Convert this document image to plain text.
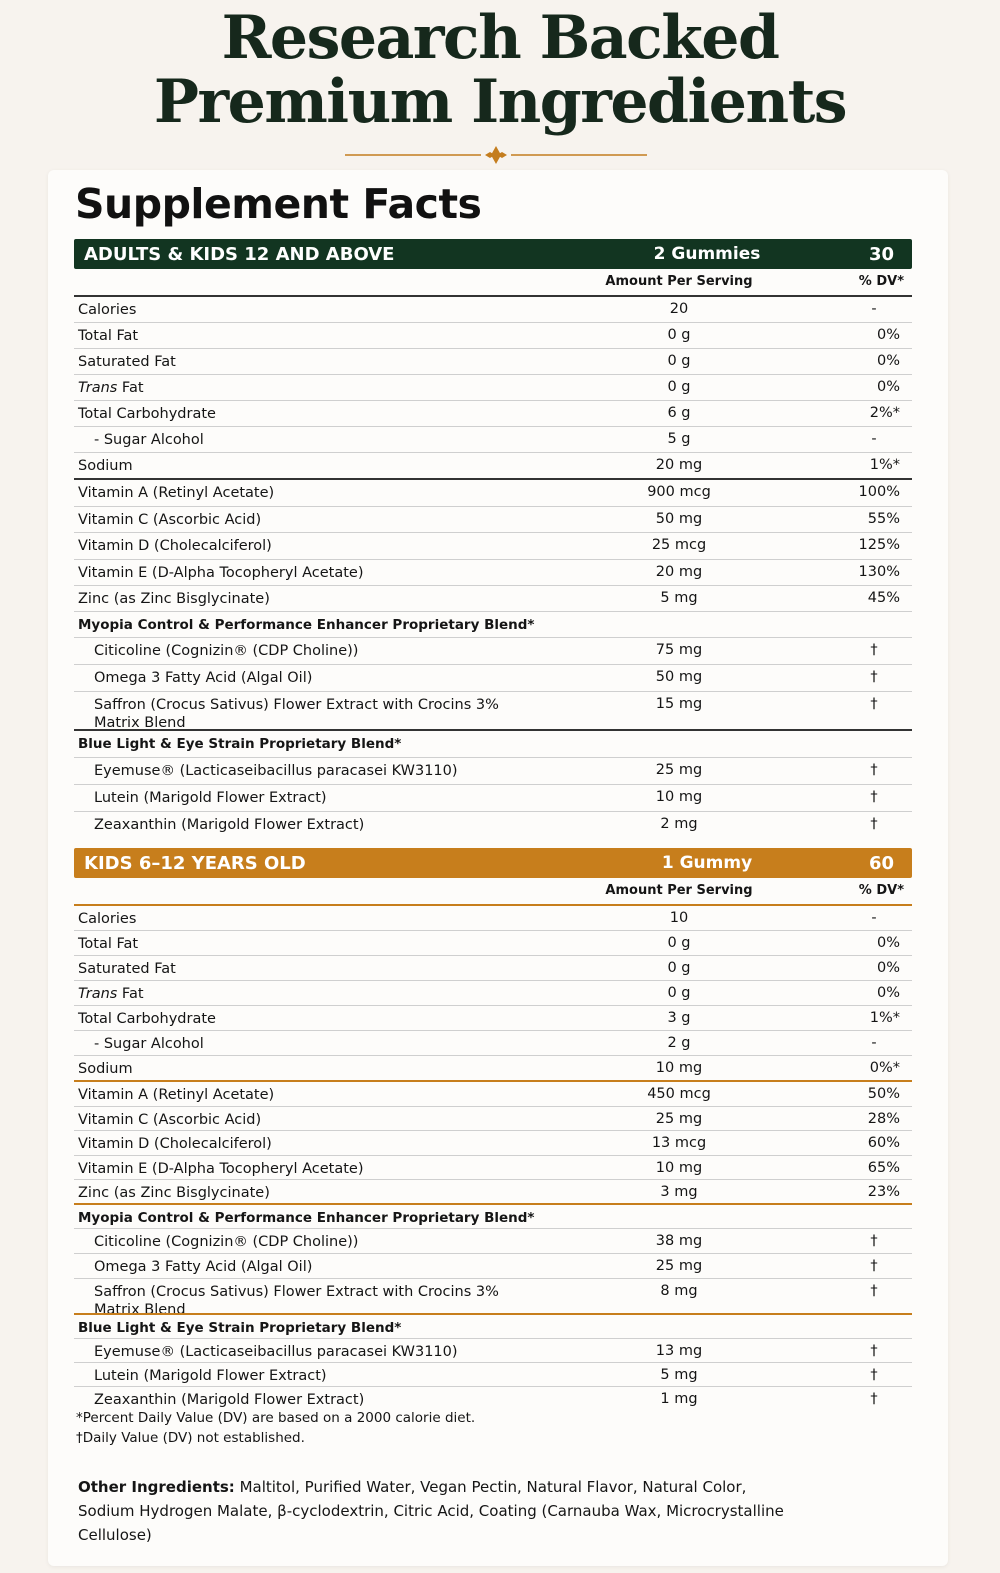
Research Backed
Premium Ingredients
Supplement Facts
ADULTS & KIDS 12 AND ABOVE	2 Gummies	30
Amount Per Serving	% DV*
Calories	20	-
Total Fat	0 g	0%
Saturated Fat	0 g	0%
Trans Fat	0 g	0%
Total Carbohydrate	6 g	2%*
- Sugar Alcohol	5 g	-
Sodium	20 mg	1%*
Vitamin A (Retinyl Acetate)	900 mcg	100%
Vitamin C (Ascorbic Acid)	50 mg	55%
Vitamin D (Cholecalciferol)	25 mcg	125%
Vitamin E (D-Alpha Tocopheryl Acetate)	20 mg	130%
Zinc (as Zinc Bisglycinate)	5 mg	45%
Myopia Control & Performance Enhancer Proprietary Blend*
Citicoline (Cognizin® (CDP Choline))	75 mg	†
Omega 3 Fatty Acid (Algal Oil)	50 mg	†
Saffron (Crocus Sativus) Flower Extract with Crocins 3% Matrix Blend
15 mg	†
Blue Light & Eye Strain Proprietary Blend*
Eyemuse® (Lacticaseibacillus paracasei KW3110)	25 mg	†
Lutein (Marigold Flower Extract)	10 mg	†
Zeaxanthin (Marigold Flower Extract)	2 mg	†
KIDS 6–12 YEARS OLD	1 Gummy	60
Amount Per Serving	% DV*
Calories	10	-
Total Fat	0 g	0%
Saturated Fat	0 g	0%
Trans Fat	0 g	0%
Total Carbohydrate	3 g	1%*
- Sugar Alcohol	2 g	-
Sodium	10 mg	0%*
Vitamin A (Retinyl Acetate)	450 mcg	50%
Vitamin C (Ascorbic Acid)	25 mg	28%
Vitamin D (Cholecalciferol)	13 mcg	60%
Vitamin E (D-Alpha Tocopheryl Acetate)	10 mg	65%
Zinc (as Zinc Bisglycinate)	3 mg	23%
Myopia Control & Performance Enhancer Proprietary Blend*
Citicoline (Cognizin® (CDP Choline))	38 mg	†
Omega 3 Fatty Acid (Algal Oil)	25 mg	†
Saffron (Crocus Sativus) Flower Extract with Crocins 3% Matrix Blend
8 mg	†
Blue Light & Eye Strain Proprietary Blend*
Eyemuse® (Lacticaseibacillus paracasei KW3110)	13 mg	†
Lutein (Marigold Flower Extract)	5 mg	†
Zeaxanthin (Marigold Flower Extract)	1 mg	†
*Percent Daily Value (DV) are based on a 2000 calorie diet.
†Daily Value (DV) not established.
Other Ingredients: Maltitol, Purified Water, Vegan Pectin, Natural Flavor, Natural Color, Sodium Hydrogen Malate, β-cyclodextrin, Citric Acid, Coating (Carnauba Wax, Microcrystalline Cellulose)
